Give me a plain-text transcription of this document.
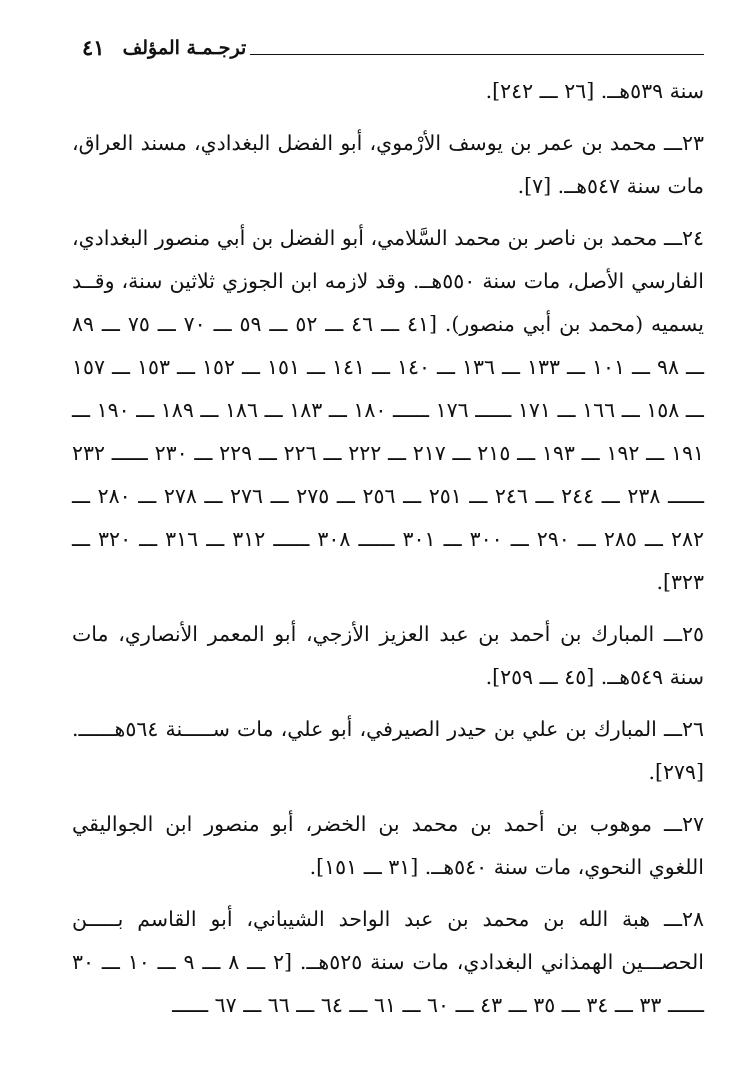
٤١ ترجـمـة المؤلف

سنة ٥٣٩هــ. [٢٦ ـــ ٢٤٢].

٢٣ـــ محمد بن عمر بن يوسف الأرْموي، أبو الفضل البغدادي، مسند العراق، مات سنة ٥٤٧هــ. [٧].

٢٤ـــ محمد بن ناصر بن محمد السَّلامي، أبو الفضل بن أبي منصور البغدادي، الفارسي الأصل، مات سنة ٥٥٠هــ. وقد لازمه ابن الجوزي ثلاثين سنة، وقــد يسميه (محمد بن أبي منصور). [٤١ ـــ ٤٦ ـــ ٥٢ ـــ ٥٩ ـــ ٧٠ ـــ ٧٥ ـــ ٨٩ ـــ ٩٨ ـــ ١٠١ ـــ ١٣٣ ـــ ١٣٦ ـــ ١٤٠ ـــ ١٤١ ـــ ١٥١ ـــ ١٥٢ ـــ ١٥٣ ـــ ١٥٧ ـــ ١٥٨ ـــ ١٦٦ ـــ ١٧١ ــــــ ١٧٦ ــــــ ١٨٠ ـــ ١٨٣ ـــ ١٨٦ ـــ ١٨٩ ـــ ١٩٠ ـــ ١٩١ ـــ ١٩٢ ـــ ١٩٣ ـــ ٢١٥ ـــ ٢١٧ ـــ ٢٢٢ ـــ ٢٢٦ ـــ ٢٢٩ ـــ ٢٣٠ ــــــ ٢٣٢ ــــــ ٢٣٨ ـــ ٢٤٤ ـــ ٢٤٦ ـــ ٢٥١ ـــ ٢٥٦ ـــ ٢٧٥ ـــ ٢٧٦ ـــ ٢٧٨ ـــ ٢٨٠ ـــ ٢٨٢ ـــ ٢٨٥ ـــ ٢٩٠ ـــ ٣٠٠ ـــ ٣٠١ ــــــ ٣٠٨ ــــــ ٣١٢ ـــ ٣١٦ ـــ ٣٢٠ ـــ ٣٢٣].

٢٥ـــ المبارك بن أحمد بن عبد العزيز الأزجي، أبو المعمر الأنصاري، مات سنة ٥٤٩هــ. [٤٥ ـــ ٢٥٩].

٢٦ـــ المبارك بن علي بن حيدر الصيرفي، أبو علي، مات ســـــنة ٥٦٤هــــــ. [٢٧٩].

٢٧ـــ موهوب بن أحمد بن محمد بن الخضر، أبو منصور ابن الجواليقي اللغوي النحوي، مات سنة ٥٤٠هــ. [٣١ ـــ ١٥١].

٢٨ـــ هبة الله بن محمد بن عبد الواحد الشيباني، أبو القاسم بـــــن الحصـــين الهمذاني البغدادي، مات سنة ٥٢٥هــ. [٢ ـــ ٨ ـــ ٩ ـــ ١٠ ـــ ٣٠ ــــــ ٣٣ ـــ ٣٤ ـــ ٣٥ ـــ ٤٣ ـــ ٦٠ ـــ ٦١ ـــ ٦٤ ـــ ٦٦ ـــ ٦٧ ــــــ
